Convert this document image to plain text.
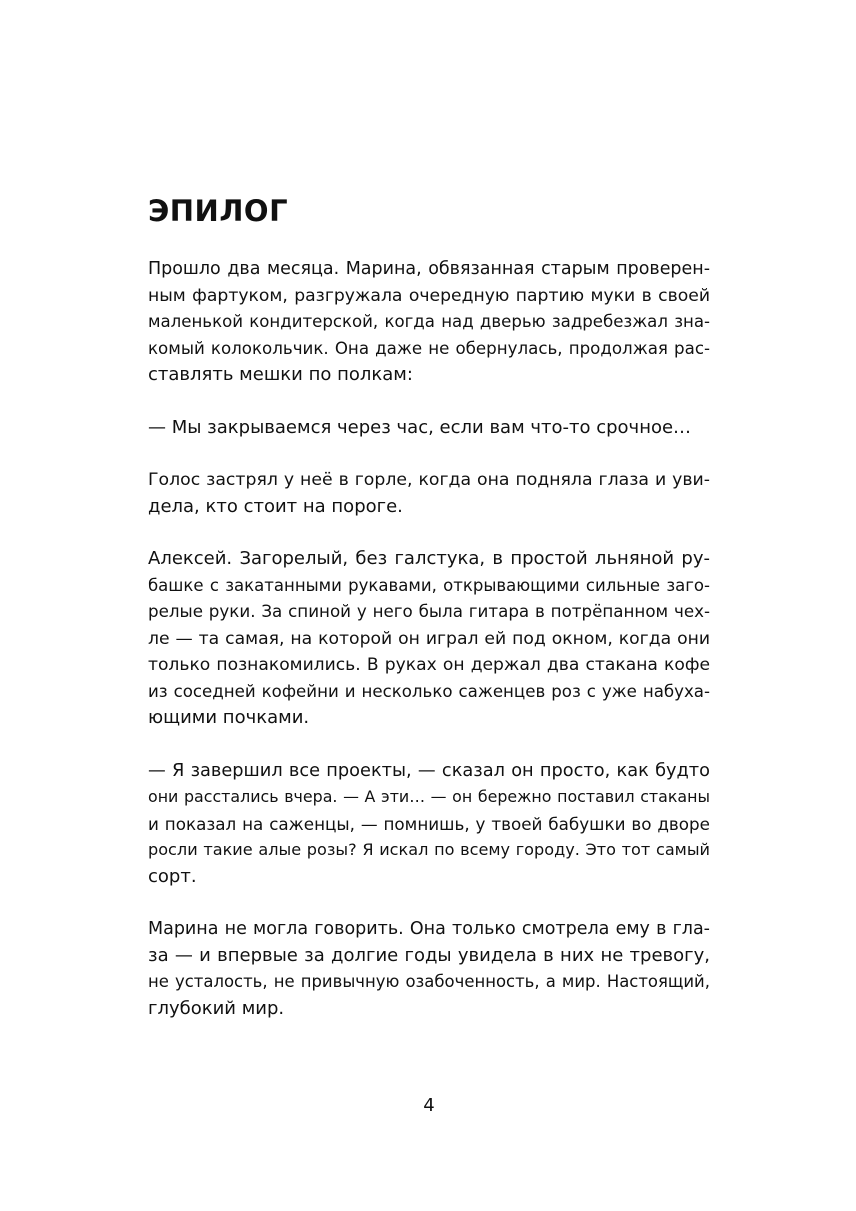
ЭПИЛОГ

Прошло два месяца. Марина, обвязанная старым проверен-
ным фартуком, разгружала очередную партию муки в своей
маленькой кондитерской, когда над дверью задребезжал зна-
комый колокольчик. Она даже не обернулась, продолжая рас-
ставлять мешки по полкам:

— Мы закрываемся через час, если вам что-то срочное…

Голос застрял у неё в горле, когда она подняла глаза и уви-
дела, кто стоит на пороге.

Алексей. Загорелый, без галстука, в простой льняной ру-
башке с закатанными рукавами, открывающими сильные заго-
релые руки. За спиной у него была гитара в потрёпанном чех-
ле — та самая, на которой он играл ей под окном, когда они
только познакомились. В руках он держал два стакана кофе
из соседней кофейни и несколько саженцев роз с уже набуха-
ющими почками.

— Я завершил все проекты, — сказал он просто, как будто
они расстались вчера. — А эти… — он бережно поставил стаканы
и показал на саженцы, — помнишь, у твоей бабушки во дворе
росли такие алые розы? Я искал по всему городу. Это тот самый
сорт.

Марина не могла говорить. Она только смотрела ему в гла-
за — и впервые за долгие годы увидела в них не тревогу,
не усталость, не привычную озабоченность, а мир. Настоящий,
глубокий мир.

4
